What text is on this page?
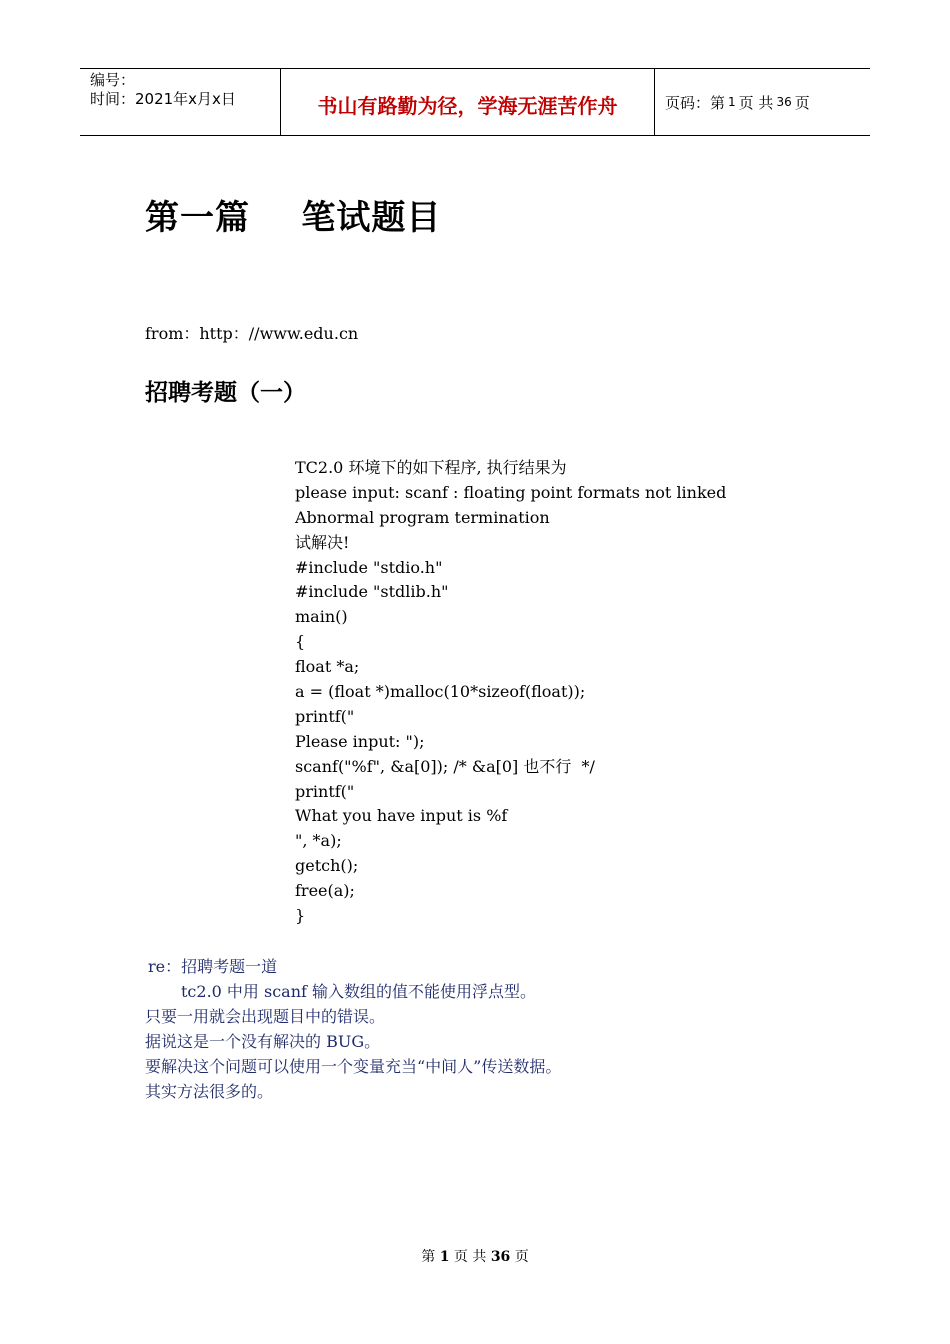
编号：
时间：2021年x月x日	书山有路勤为径，学海无涯苦作舟	页码：第 1 页 共 36 页
第一篇    笔试题目
from：http：//www.edu.cn
招聘考题（一）
TC2.0 环境下的如下程序, 执行结果为
please input: scanf : floating point formats not linked
Abnormal program termination
试解决!
#include "stdio.h"
#include "stdlib.h"
main()
{
float *a;
a = (float *)malloc(10*sizeof(float));
printf("
Please input: ");
scanf("%f", &a[0]); /* &a[0] 也不行  */
printf("
What you have input is %f
", *a);
getch();
free(a);
}
re：招聘考题一道
tc2.0 中用 scanf 输入数组的值不能使用浮点型。
只要一用就会出现题目中的错误。
据说这是一个没有解决的 BUG。
要解决这个问题可以使用一个变量充当“中间人”传送数据。
其实方法很多的。
第 1 页 共 36 页
